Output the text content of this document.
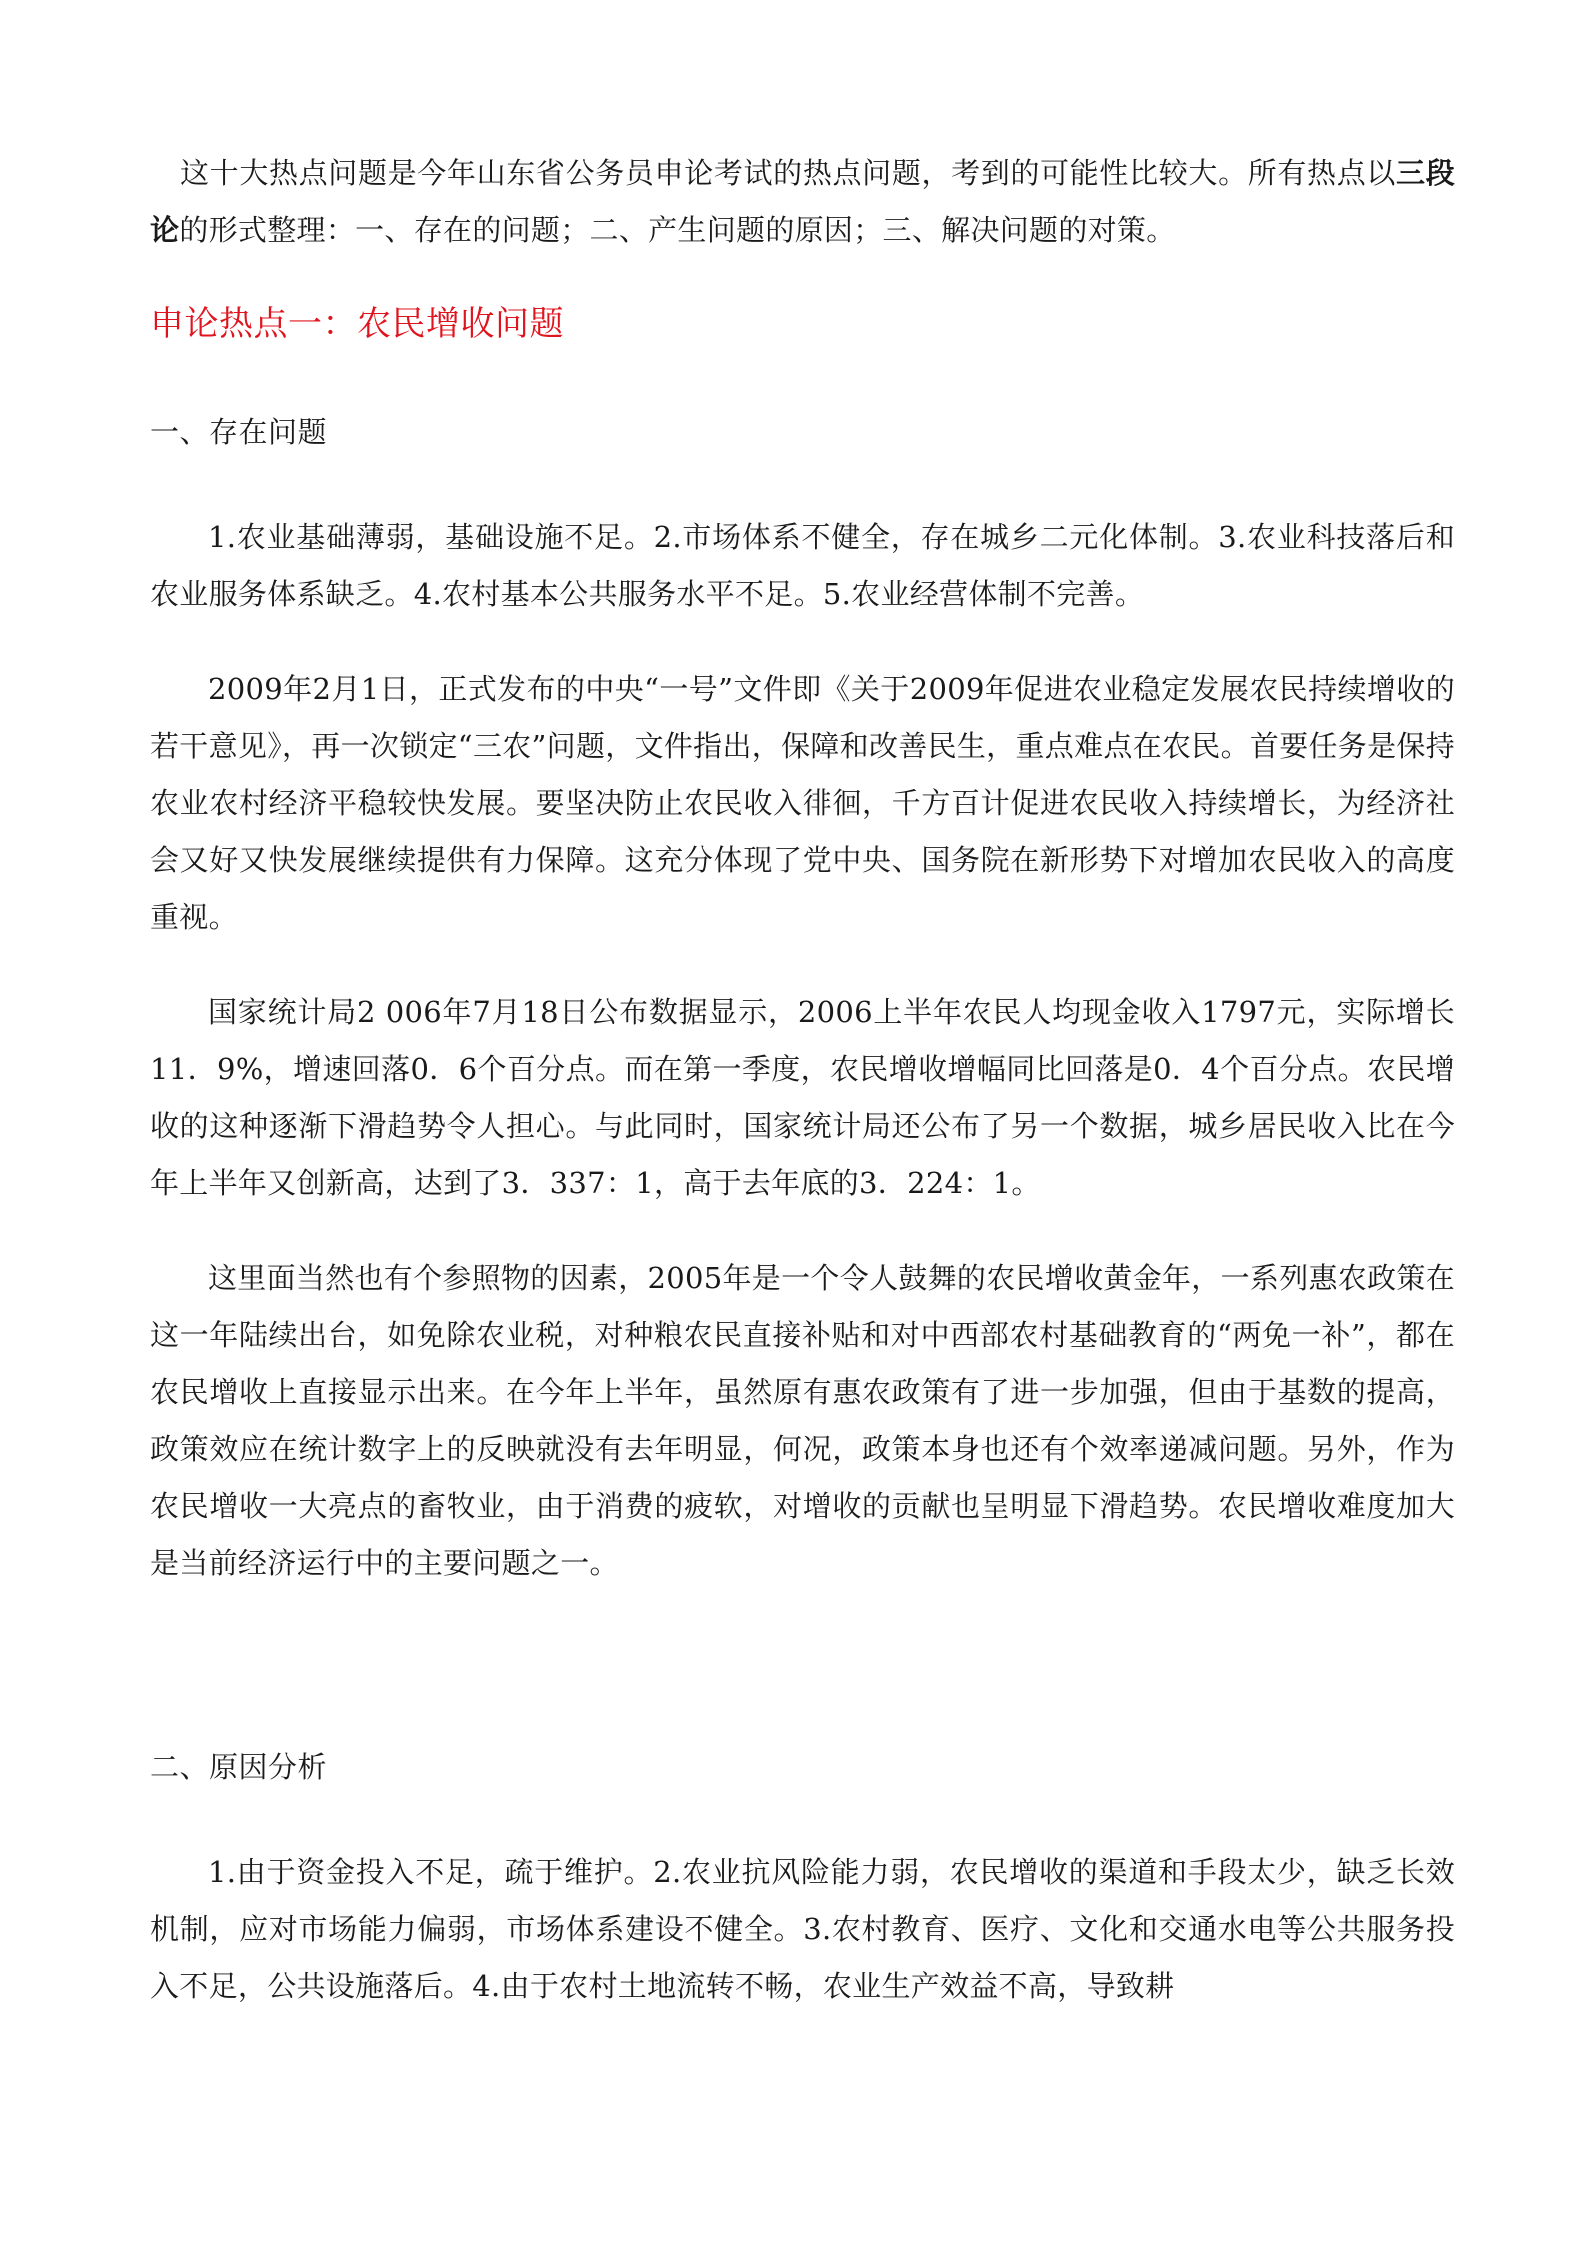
这十大热点问题是今年山东省公务员申论考试的热点问题，考到的可能性比较大。所有热点以三段论的形式整理：一、存在的问题；二、产生问题的原因；三、解决问题的对策。

申论热点一：农民增收问题
一、存在问题

1.农业基础薄弱，基础设施不足。2.市场体系不健全，存在城乡二元化体制。3.农业科技落后和农业服务体系缺乏。4.农村基本公共服务水平不足。5.农业经营体制不完善。

2009年2月1日，正式发布的中央“一号”文件即《关于2009年促进农业稳定发展农民持续增收的若干意见》，再一次锁定“三农”问题，文件指出，保障和改善民生，重点难点在农民。首要任务是保持农业农村经济平稳较快发展。要坚决防止农民收入徘徊，千方百计促进农民收入持续增长，为经济社会又好又快发展继续提供有力保障。这充分体现了党中央、国务院在新形势下对增加农民收入的高度重视。

国家统计局2 006年7月18日公布数据显示，2006上半年农民人均现金收入1797元，实际增长11．9%，增速回落0．6个百分点。而在第一季度，农民增收增幅同比回落是0．4个百分点。农民增收的这种逐渐下滑趋势令人担心。与此同时，国家统计局还公布了另一个数据，城乡居民收入比在今年上半年又创新高，达到了3．337：1，高于去年底的3．224：1。

这里面当然也有个参照物的因素，2005年是一个令人鼓舞的农民增收黄金年，一系列惠农政策在这一年陆续出台，如免除农业税，对种粮农民直接补贴和对中西部农村基础教育的“两免一补”，都在农民增收上直接显示出来。在今年上半年，虽然原有惠农政策有了进一步加强，但由于基数的提高，政策效应在统计数字上的反映就没有去年明显，何况，政策本身也还有个效率递减问题。另外，作为农民增收一大亮点的畜牧业，由于消费的疲软，对增收的贡献也呈明显下滑趋势。农民增收难度加大是当前经济运行中的主要问题之一。

二、原因分析

1.由于资金投入不足，疏于维护。2.农业抗风险能力弱，农民增收的渠道和手段太少，缺乏长效机制，应对市场能力偏弱，市场体系建设不健全。3.农村教育、医疗、文化和交通水电等公共服务投入不足，公共设施落后。4.由于农村土地流转不畅，农业生产效益不高，导致耕
